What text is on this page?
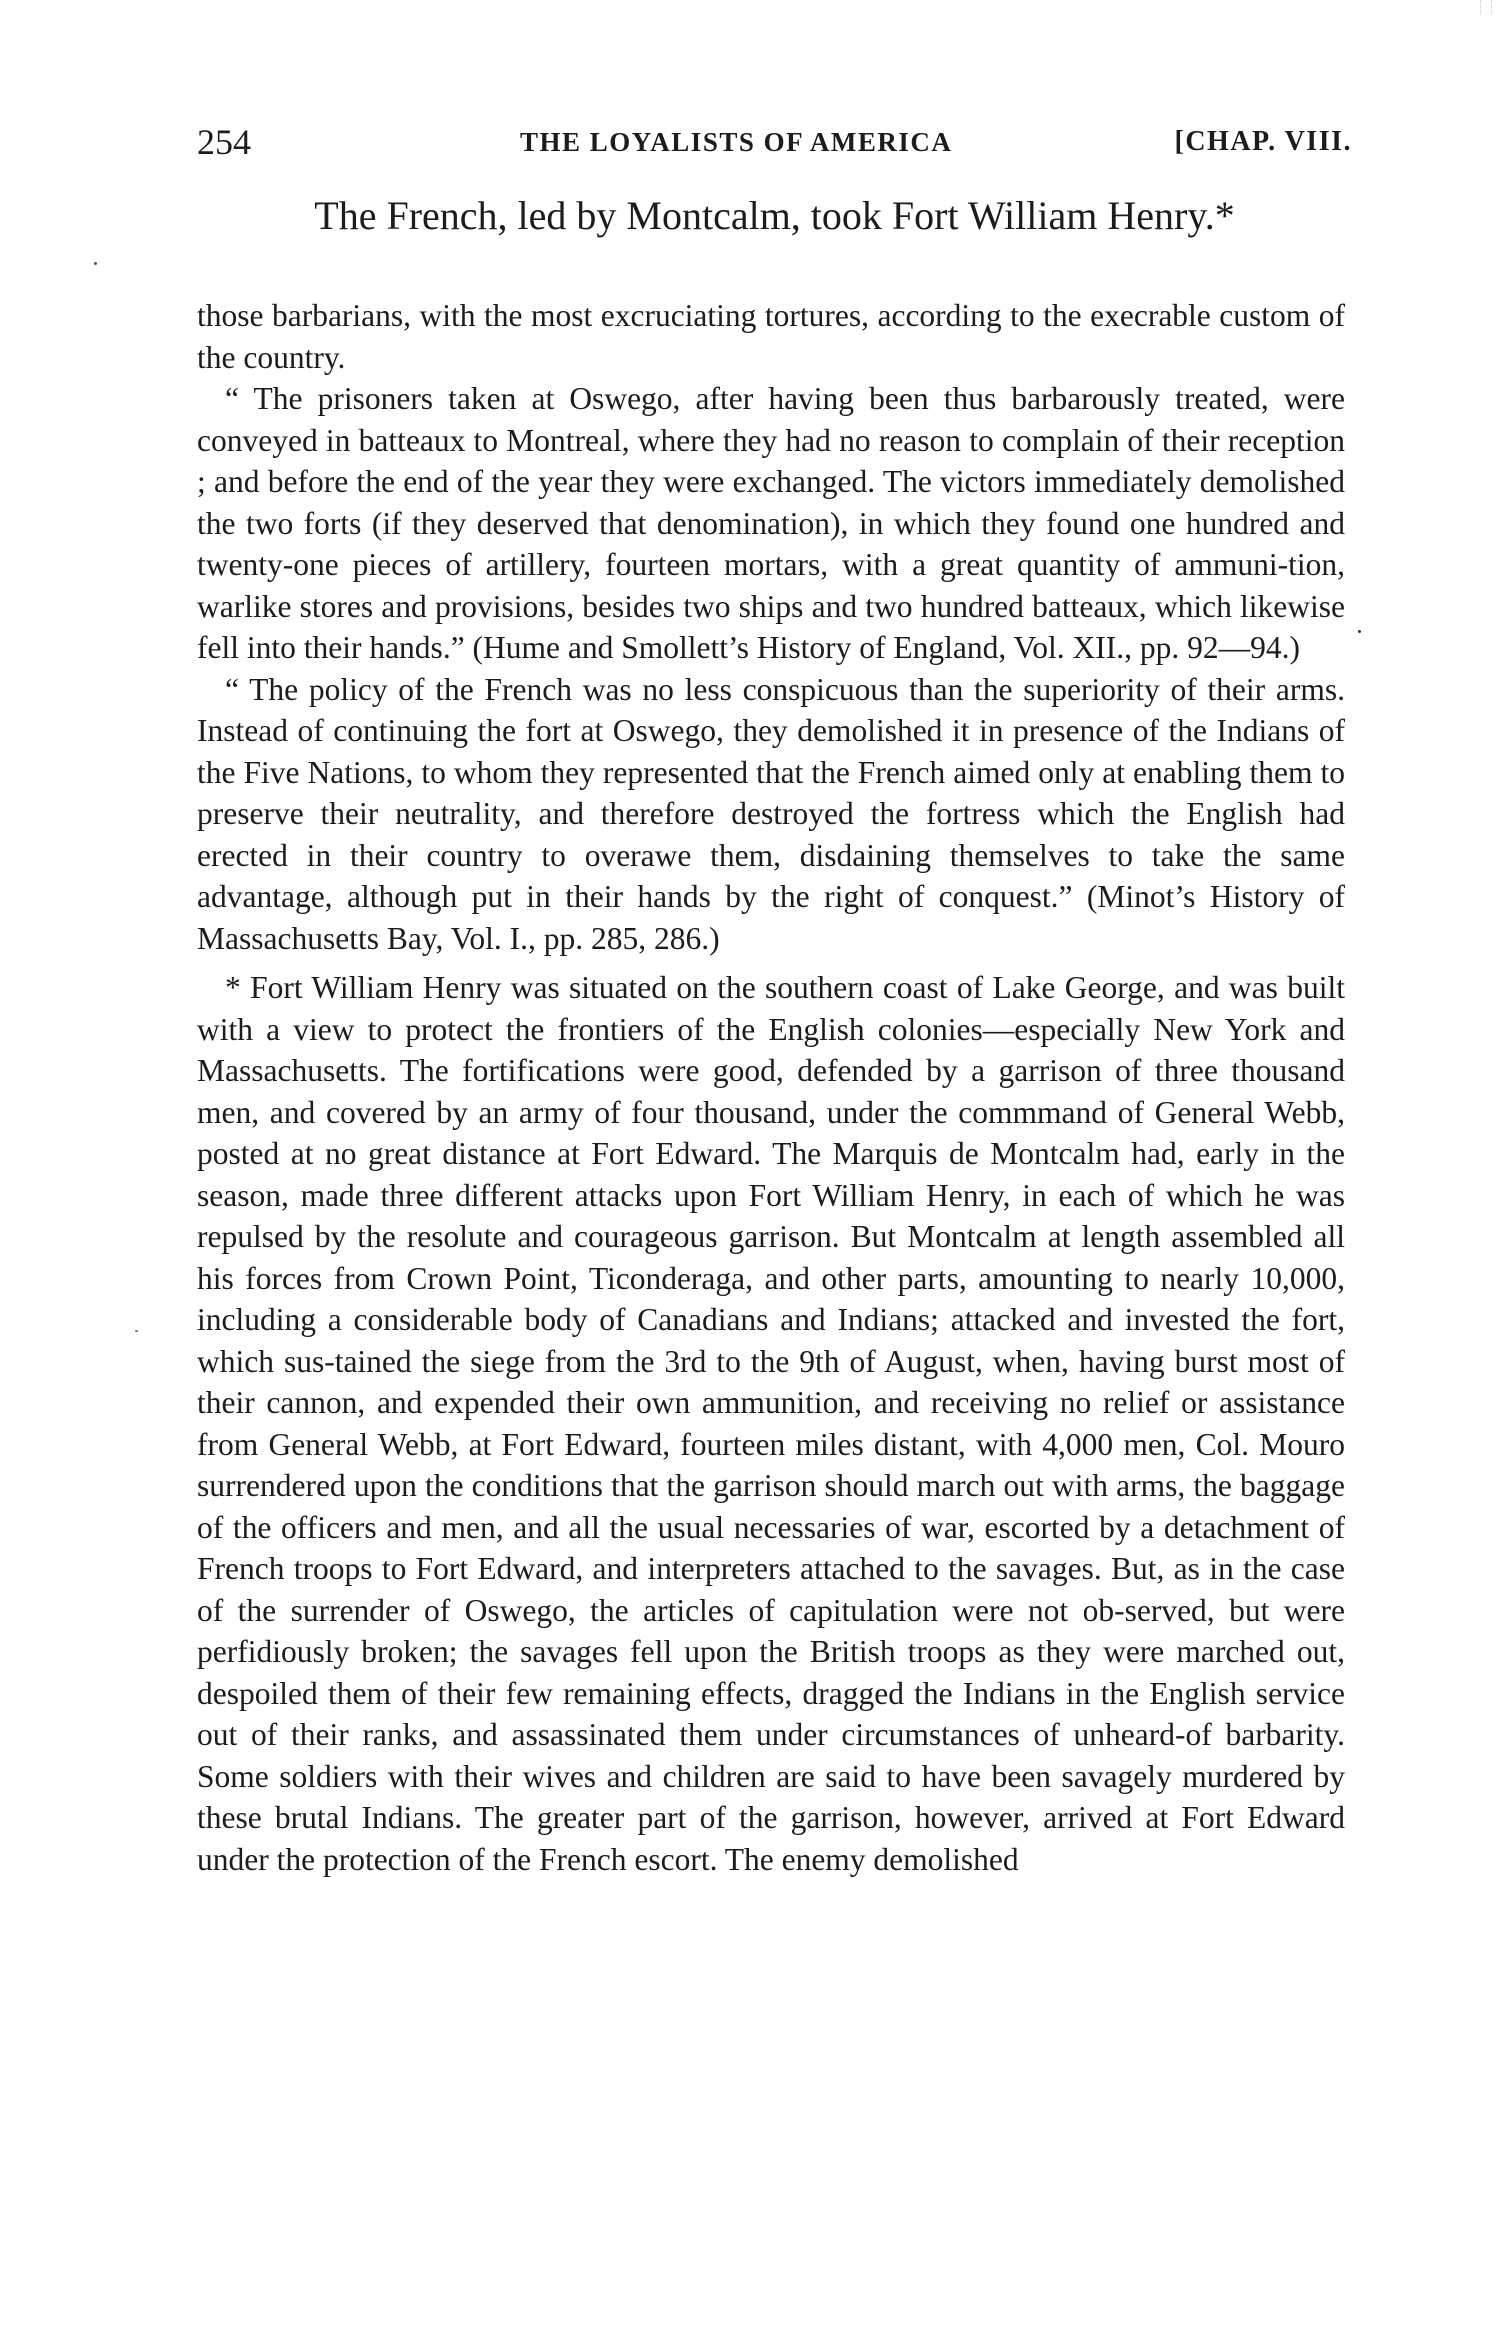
254	THE LOYALISTS OF AMERICA	[CHAP. VIII.
The French, led by Montcalm, took Fort William Henry.*

those barbarians, with the most excruciating tortures, according to the execrable custom of the country.

“ The prisoners taken at Oswego, after having been thus barbarously treated, were conveyed in batteaux to Montreal, where they had no reason to complain of their reception ; and before the end of the year they were exchanged. The victors immediately demolished the two forts (if they deserved that denomination), in which they found one hundred and twenty-one pieces of artillery, fourteen mortars, with a great quantity of ammuni-tion, warlike stores and provisions, besides two ships and two hundred batteaux, which likewise fell into their hands.” (Hume and Smollett’s History of England, Vol. XII., pp. 92—94.)

“ The policy of the French was no less conspicuous than the superiority of their arms. Instead of continuing the fort at Oswego, they demolished it in presence of the Indians of the Five Nations, to whom they represented that the French aimed only at enabling them to preserve their neutrality, and therefore destroyed the fortress which the English had erected in their country to overawe them, disdaining themselves to take the same advantage, although put in their hands by the right of conquest.” (Minot’s History of Massachusetts Bay, Vol. I., pp. 285, 286.)

* Fort William Henry was situated on the southern coast of Lake George, and was built with a view to protect the frontiers of the English colonies—especially New York and Massachusetts. The fortifications were good, defended by a garrison of three thousand men, and covered by an army of four thousand, under the commmand of General Webb, posted at no great distance at Fort Edward. The Marquis de Montcalm had, early in the season, made three different attacks upon Fort William Henry, in each of which he was repulsed by the resolute and courageous garrison. But Montcalm at length assembled all his forces from Crown Point, Ticonderaga, and other parts, amounting to nearly 10,000, including a considerable body of Canadians and Indians; attacked and invested the fort, which sus-tained the siege from the 3rd to the 9th of August, when, having burst most of their cannon, and expended their own ammunition, and receiving no relief or assistance from General Webb, at Fort Edward, fourteen miles distant, with 4,000 men, Col. Mouro surrendered upon the conditions that the garrison should march out with arms, the baggage of the officers and men, and all the usual necessaries of war, escorted by a detachment of French troops to Fort Edward, and interpreters attached to the savages. But, as in the case of the surrender of Oswego, the articles of capitulation were not ob-served, but were perfidiously broken; the savages fell upon the British troops as they were marched out, despoiled them of their few remaining effects, dragged the Indians in the English service out of their ranks, and assassinated them under circumstances of unheard-of barbarity. Some soldiers with their wives and children are said to have been savagely murdered by these brutal Indians. The greater part of the garrison, however, arrived at Fort Edward under the protection of the French escort. The enemy demolished
